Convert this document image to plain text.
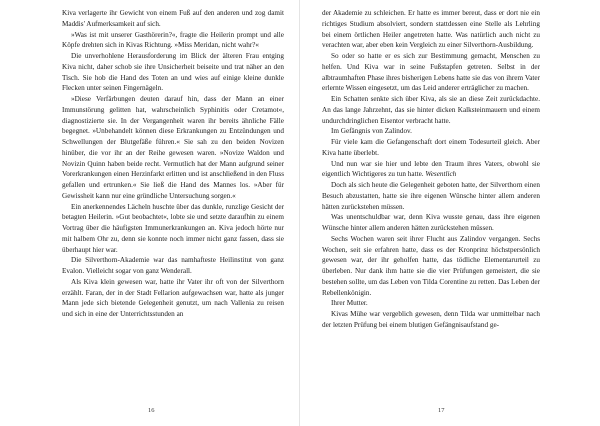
Kiva verlagerte ihr Gewicht von einem Fuß auf den anderen und zog damit Maddis' Aufmerksamkeit auf sich.

»Was ist mit unserer Gasthörerin?«, fragte die Heilerin prompt und alle Köpfe drehten sich in Kivas Richtung. »Miss Meridan, nicht wahr?«

Die unverhohlene Herausforderung im Blick der älteren Frau entging Kiva nicht, daher schob sie ihre Unsicherheit beiseite und trat näher an den Tisch. Sie hob die Hand des Toten an und wies auf einige kleine dunkle Flecken unter seinen Fingernägeln.

»Diese Verfärbungen deuten darauf hin, dass der Mann an einer Immunstörung gelitten hat, wahrscheinlich Syphinitis oder Cretamot«, diagnostizierte sie. In der Vergangenheit waren ihr bereits ähnliche Fälle begegnet. »Unbehandelt können diese Erkrankungen zu Entzündungen und Schwellungen der Blutgefäße führen.« Sie sah zu den beiden Novizen hinüber, die vor ihr an der Reihe gewesen waren. »Novize Waldon und Novizin Quinn haben beide recht. Vermutlich hat der Mann aufgrund seiner Vorerkrankungen einen Herzinfarkt erlitten und ist anschließend in den Fluss gefallen und ertrunken.« Sie ließ die Hand des Mannes los. »Aber für Gewissheit kann nur eine gründliche Untersuchung sorgen.«

Ein anerkennendes Lächeln huschte über das dunkle, runzlige Gesicht der betagten Heilerin. »Gut beobachtet«, lobte sie und setzte daraufhin zu einem Vortrag über die häufigsten Immunerkrankungen an. Kiva jedoch hörte nur mit halbem Ohr zu, denn sie konnte noch immer nicht ganz fassen, dass sie überhaupt hier war.

Die Silverthorn-Akademie war das namhafteste Heilinstitut von ganz Evalon. Vielleicht sogar von ganz Wenderall.

Als Kiva klein gewesen war, hatte ihr Vater ihr oft von der Silverthorn erzählt. Faran, der in der Stadt Fellarion aufgewachsen war, hatte als junger Mann jede sich bietende Gelegenheit genutzt, um nach Vallenia zu reisen und sich in eine der Unterrichtsstunden an

16

der Akademie zu schleichen. Er hatte es immer bereut, dass er dort nie ein richtiges Studium absolviert, sondern stattdessen eine Stelle als Lehrling bei einem örtlichen Heiler angetreten hatte. Was natürlich auch nicht zu verachten war, aber eben kein Vergleich zu einer Silverthorn-Ausbildung.

So oder so hatte er es sich zur Bestimmung gemacht, Menschen zu helfen. Und Kiva war in seine Fußstapfen getreten. Selbst in der albtraumhaften Phase ihres bisherigen Lebens hatte sie das von ihrem Vater erlernte Wissen eingesetzt, um das Leid anderer erträglicher zu machen.

Ein Schatten senkte sich über Kiva, als sie an diese Zeit zurückdachte. An das lange Jahrzehnt, das sie hinter dicken Kalksteinmauern und einem undurchdringlichen Eisentor verbracht hatte.

Im Gefängnis von Zalindov.

Für viele kam die Gefangenschaft dort einem Todesurteil gleich. Aber Kiva hatte überlebt.

Und nun war sie hier und lebte den Traum ihres Vaters, obwohl sie eigentlich Wichtigeres zu tun hatte. Wesentlich

Doch als sich heute die Gelegenheit geboten hatte, der Silverthorn einen Besuch abzustatten, hatte sie ihre eigenen Wünsche hinter allem anderen hätten zurückstehen müssen.

Was unentschuldbar war, denn Kiva wusste genau, dass ihre eigenen Wünsche hinter allem anderen hätten zurückstehen müssen.

Sechs Wochen waren seit ihrer Flucht aus Zalindov vergangen. Sechs Wochen, seit sie erfahren hatte, dass es der Kronprinz höchstpersönlich gewesen war, der ihr geholfen hatte, das tödliche Elementarurteil zu überleben. Nur dank ihm hatte sie die vier Prüfungen gemeistert, die sie bestehen sollte, um das Leben von Tilda Corentine zu retten. Das Leben der Rebellenkönigin.

Ihrer Mutter.

Kivas Mühe war vergeblich gewesen, denn Tilda war unmittelbar nach der letzten Prüfung bei einem blutigen Gefängnisaufstand ge-

17
